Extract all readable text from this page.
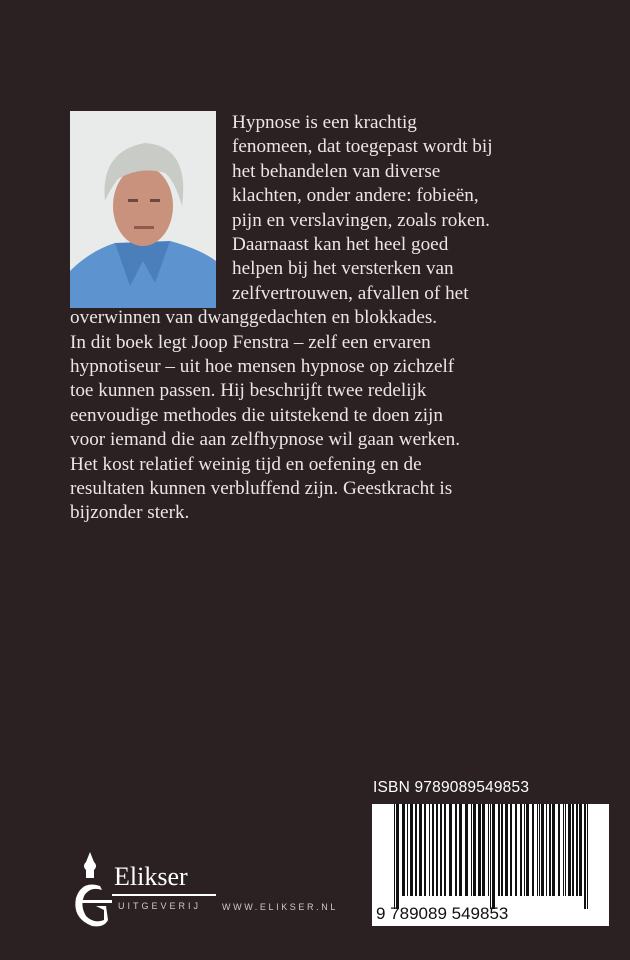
Hypnose is een krachtig
fenomeen, dat toegepast wordt bij
het behandelen van diverse
klachten, onder andere: fobieën,
pijn en verslavingen, zoals roken.
Daarnaast kan het heel goed
helpen bij het versterken van
zelfvertrouwen, afvallen of het
overwinnen van dwanggedachten en blokkades.
In dit boek legt Joop Fenstra – zelf een ervaren
hypnotiseur – uit hoe mensen hypnose op zichzelf
toe kunnen passen. Hij beschrijft twee redelijk
eenvoudige methodes die uitstekend te doen zijn
voor iemand die aan zelfhypnose wil gaan werken.
Het kost relatief weinig tijd en oefening en de
resultaten kunnen verbluffend zijn. Geestkracht is
bijzonder sterk.
ISBN 9789089549853
9 789089 549853
Elikser
UITGEVERIJ WWW.ELIKSER.NL
